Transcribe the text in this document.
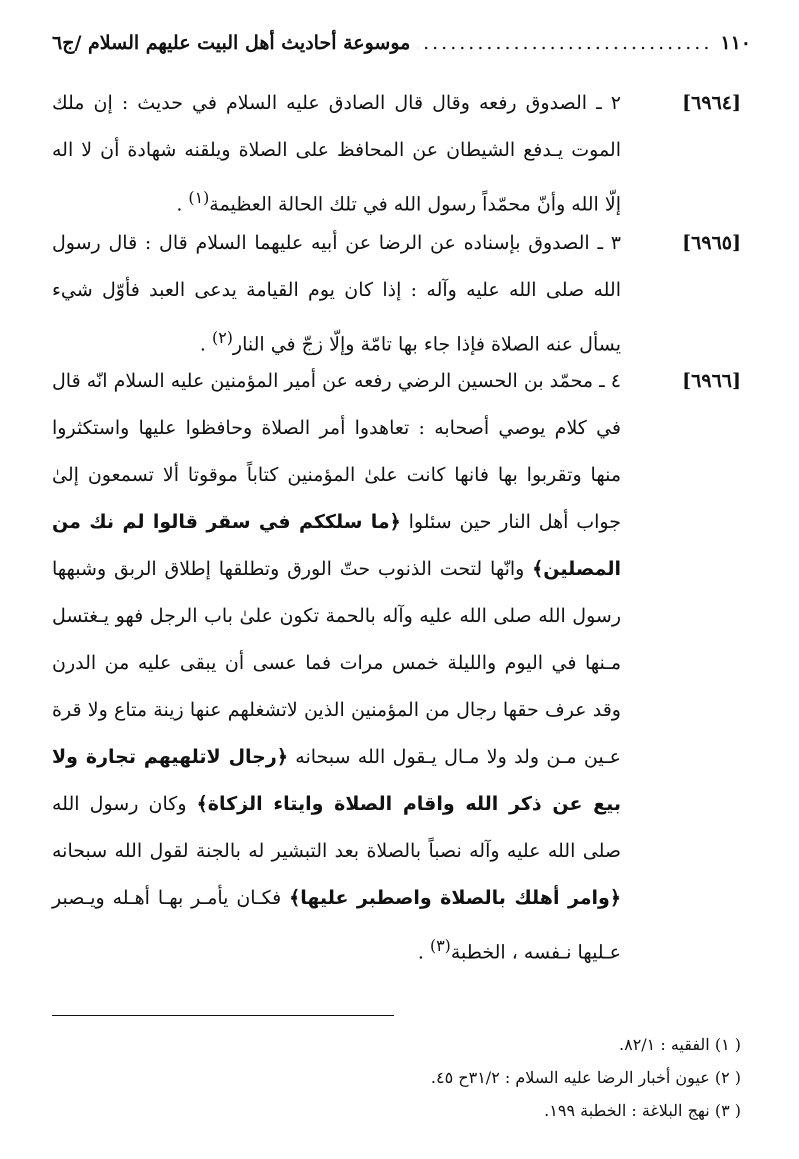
١١٠
.....
موسوعة أحاديث أهل البيت عليهم السلام /ج٦
[٦٩٦٤]
٢ ـ الصدوق رفعه وقال قال الصادق عليه السلام في حديث : إن ملك الموت يـدفع الشيطان عن المحافظ على الصلاة ويلقنه شهادة أن لا اله إلّا الله وأنّ محمّداً رسول الله في تلك الحالة العظيمة$^{(١)}$ .
[٦٩٦٥]
٣ ـ الصدوق بإسناده عن الرضا عن أبيه عليهما السلام قال : قال رسول الله صلى الله عليه وآله : إذا كان يوم القيامة يدعى العبد فأوّل شيء يسأل عنه الصلاة فإذا جاء بها تامّة وإلّا زجّ في النار$^{(٢)}$ .
[٦٩٦٦]
٤ ـ محمّد بن الحسين الرضي رفعه عن أمير المؤمنين عليه السلام انّه قال في كلام يوصي أصحابه : تعاهدوا أمر الصلاة وحافظوا عليها واستكثروا منها وتقربوا بها فانها كانت علىٰ المؤمنين كتاباً موقوتا ألا تسمعون إلىٰ جواب أهل النار حين سئلوا ﴿ما سلككم في سقر قالوا لم نك من المصلين﴾ وانّها لتحت الذنوب حتّ الورق وتطلقها إطلاق الربق وشبهها رسول الله صلى الله عليه وآله بالحمة تكون علىٰ باب الرجل فهو يـغتسل مـنها في اليوم والليلة خمس مرات فما عسى أن يبقى عليه من الدرن وقد عرف حقها رجال من المؤمنين الذين لاتشغلهم عنها زينة متاع ولا قرة عـين مـن ولد ولا مـال يـقول الله سبحانه ﴿رجال لاتلهيهم تجارة ولا بيع عن ذكر الله واقام الصلاة وايتاء الزكاة﴾ وكان رسول الله صلى الله عليه وآله نصباً بالصلاة بعد التبشير له بالجنة لقول الله سبحانه ﴿وامر أهلك بالصلاة واصطبر عليها﴾ فكـان يأمـر بهـا أهـله ويـصبر عـليها نـفسه ، الخطبة$^{(٣)}$ .
( ١) الفقيه : ٨٢/١.
( ٢) عيون أخبار الرضا عليه السلام : ٣١/٢ح ٤٥.
( ٣) نهج البلاغة : الخطبة ١٩٩.
